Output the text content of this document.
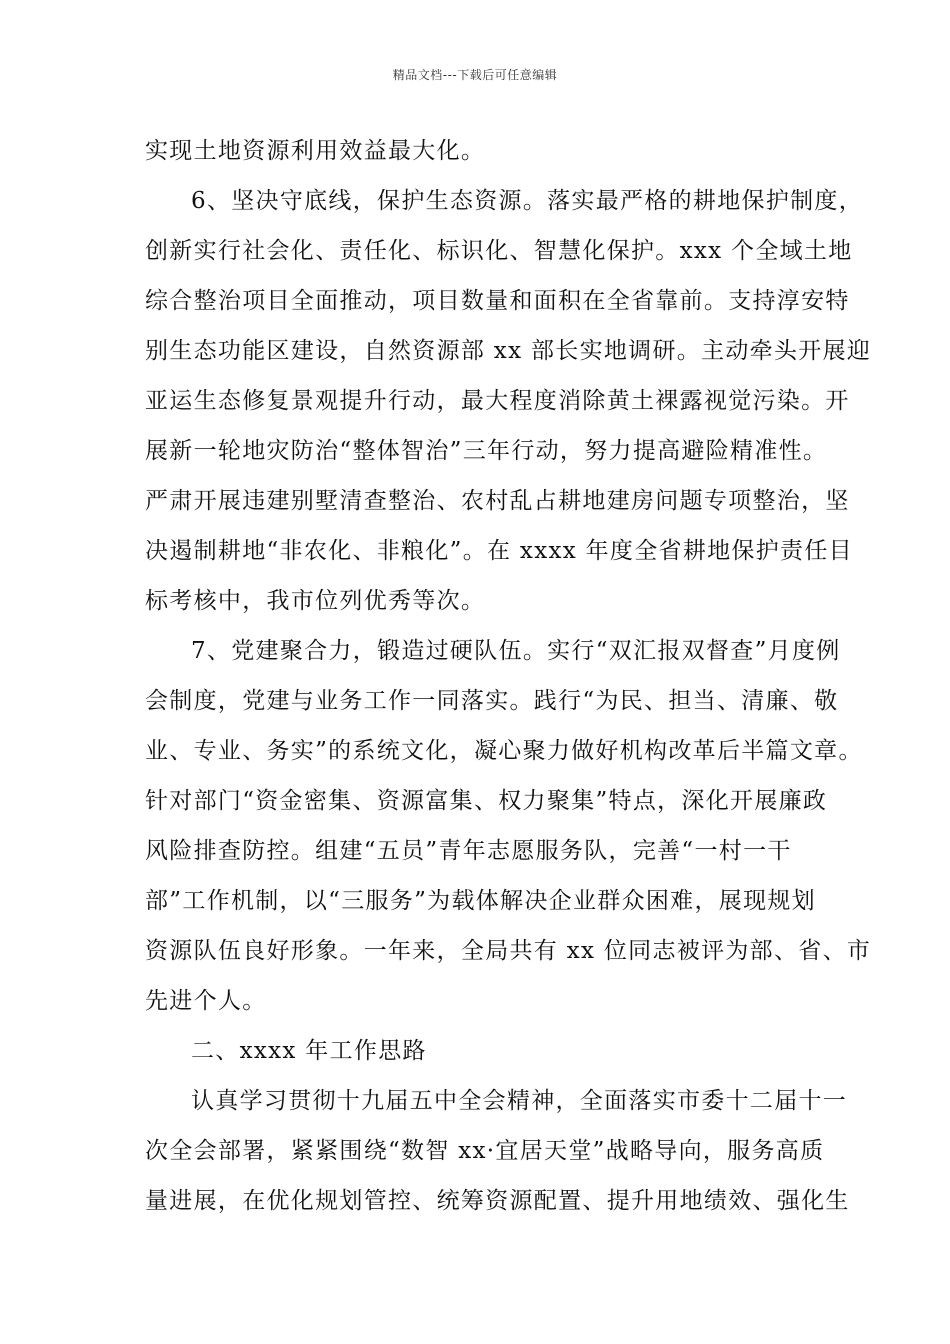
精品文档---下载后可任意编辑
实现土地资源利用效益最大化。
6、坚决守底线，保护生态资源。落实最严格的耕地保护制度，
创新实行社会化、责任化、标识化、智慧化保护。xxx 个全域土地
综合整治项目全面推动，项目数量和面积在全省靠前。支持淳安特
别生态功能区建设，自然资源部 xx 部长实地调研。主动牵头开展迎
亚运生态修复景观提升行动，最大程度消除黄土裸露视觉污染。开
展新一轮地灾防治“整体智治”三年行动，努力提高避险精准性。
严肃开展违建别墅清查整治、农村乱占耕地建房问题专项整治，坚
决遏制耕地“非农化、非粮化”。在 xxxx 年度全省耕地保护责任目
标考核中，我市位列优秀等次。
7、党建聚合力，锻造过硬队伍。实行“双汇报双督查”月度例
会制度，党建与业务工作一同落实。践行“为民、担当、清廉、敬
业、专业、务实”的系统文化，凝心聚力做好机构改革后半篇文章。
针对部门“资金密集、资源富集、权力聚集”特点，深化开展廉政
风险排查防控。组建“五员”青年志愿服务队，完善“一村一干
部”工作机制，以“三服务”为载体解决企业群众困难，展现规划
资源队伍良好形象。一年来，全局共有 xx 位同志被评为部、省、市
先进个人。
二、xxxx 年工作思路
认真学习贯彻十九届五中全会精神，全面落实市委十二届十一
次全会部署，紧紧围绕“数智 xx·宜居天堂”战略导向，服务高质
量进展，在优化规划管控、统筹资源配置、提升用地绩效、强化生
